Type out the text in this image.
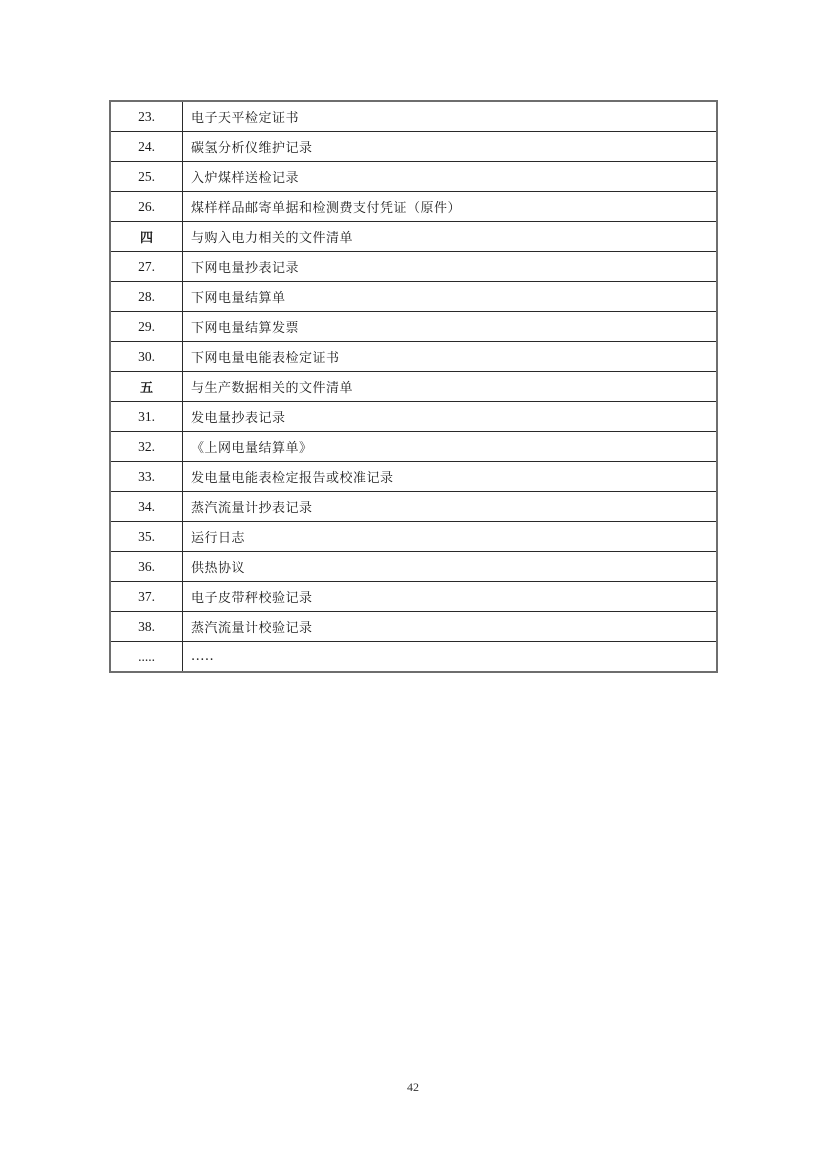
23.	电子天平检定证书
24.	碳氢分析仪维护记录
25.	入炉煤样送检记录
26.	煤样样品邮寄单据和检测费支付凭证（原件）
四	与购入电力相关的文件清单
27.	下网电量抄表记录
28.	下网电量结算单
29.	下网电量结算发票
30.	下网电量电能表检定证书
五	与生产数据相关的文件清单
31.	发电量抄表记录
32.	《上网电量结算单》
33.	发电量电能表检定报告或校准记录
34.	蒸汽流量计抄表记录
35.	运行日志
36.	供热协议
37.	电子皮带秤校验记录
38.	蒸汽流量计校验记录
.....	.....
42
